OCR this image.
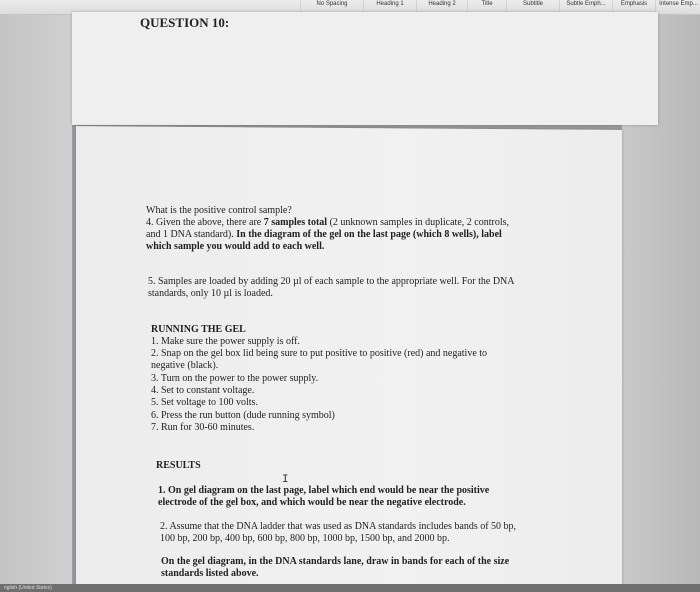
No Spacing	Heading 1	Heading 2	Title	Subtitle	Subtle Emph...	Emphasis	Intense Emp...
QUESTION 10:
What is the positive control sample?
4. Given the above, there are 7 samples total (2 unknown samples in duplicate, 2 controls,
and 1 DNA standard). In the diagram of the gel on the last page (which 8 wells), label
which sample you would add to each well.
5. Samples are loaded by adding 20 µl of each sample to the appropriate well. For the DNA
standards, only 10 µl is loaded.
RUNNING THE GEL
1. Make sure the power supply is off.
2. Snap on the gel box lid being sure to put positive to positive (red) and negative to
negative (black).
3. Turn on the power to the power supply.
4. Set to constant voltage.
5. Set voltage to 100 volts.
6. Press the run button (dude running symbol)
7. Run for 30-60 minutes.
RESULTS
I
1. On gel diagram on the last page, label which end would be near the positive
electrode of the gel box, and which would be near the negative electrode.
2. Assume that the DNA ladder that was used as DNA standards includes bands of 50 bp,
100 bp, 200 bp, 400 bp, 600 bp, 800 bp, 1000 bp, 1500 bp, and 2000 bp.
On the gel diagram, in the DNA standards lane, draw in bands for each of the size
standards listed above.
nglish (United States)
